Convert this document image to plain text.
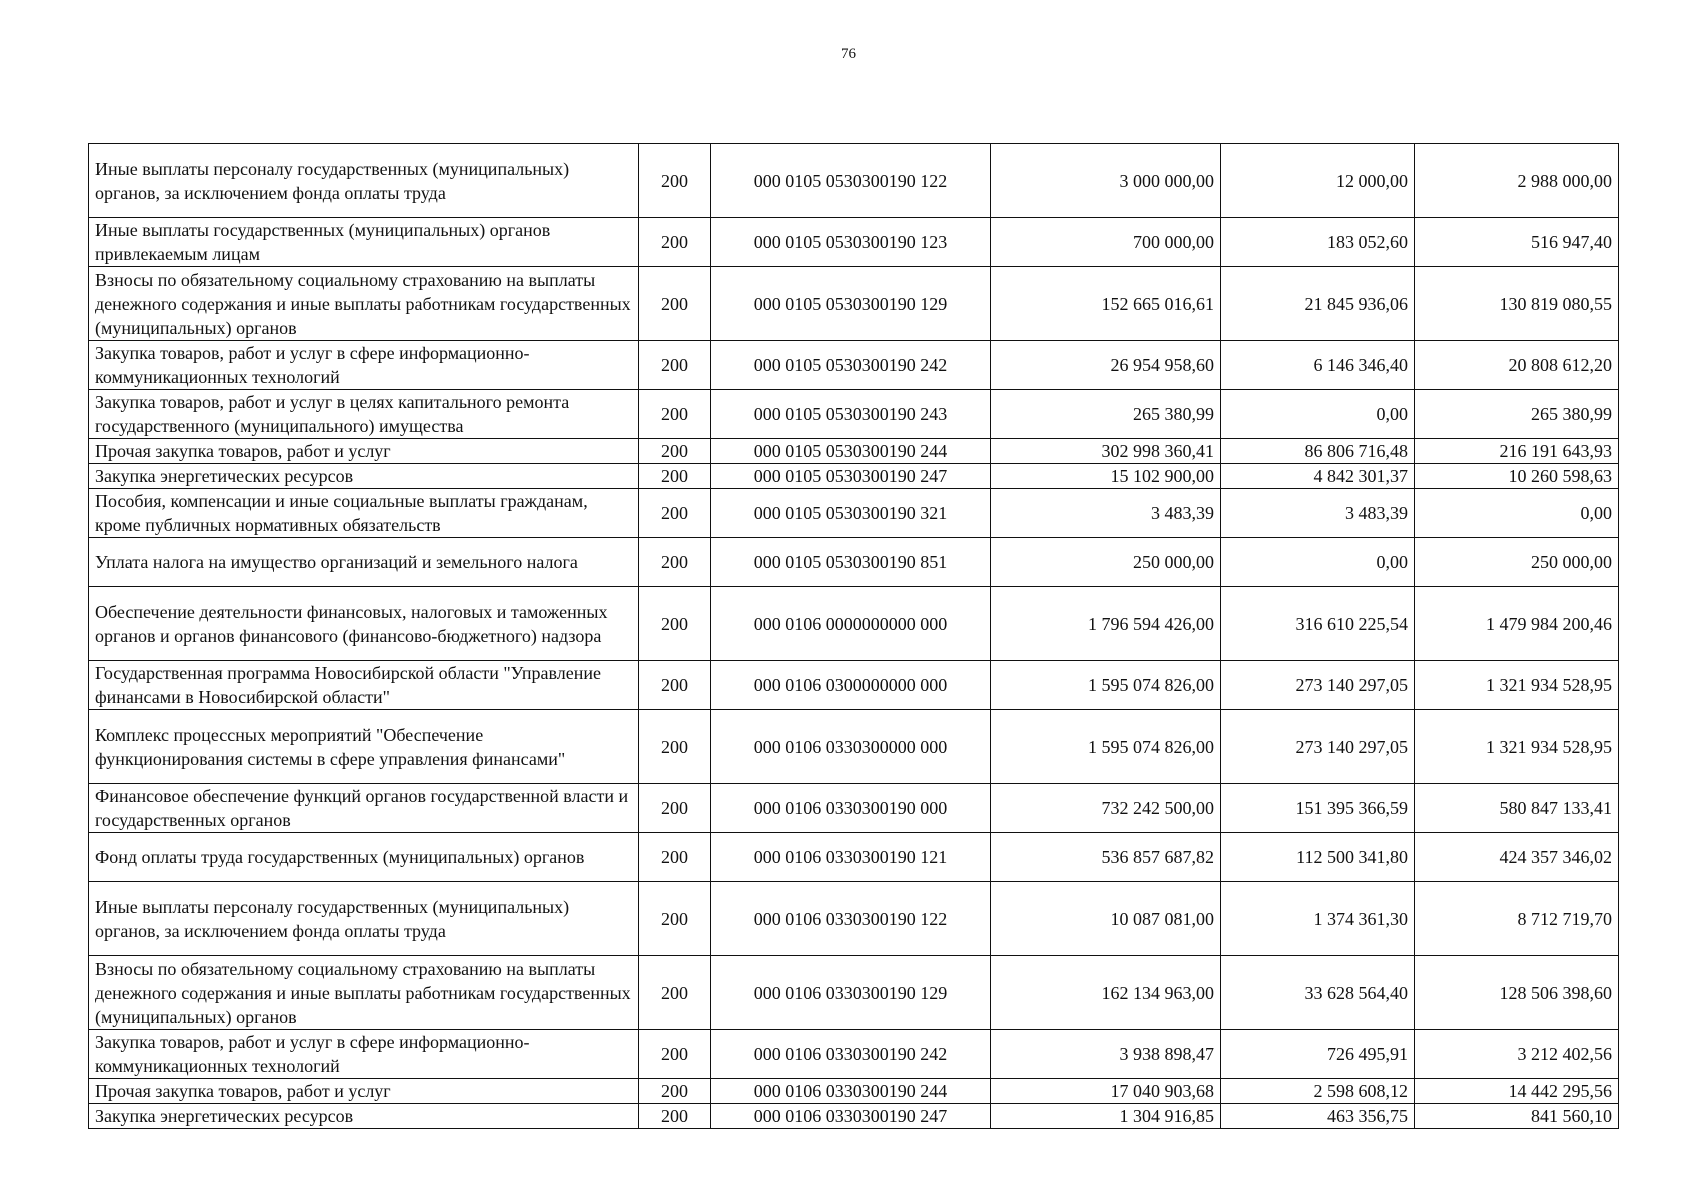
76
Иные выплаты персоналу государственных (муниципальных) органов, за исключением фонда оплаты труда	200	000 0105 0530300190 122	3 000 000,00	12 000,00	2 988 000,00
Иные выплаты государственных (муниципальных) органов привлекаемым лицам	200	000 0105 0530300190 123	700 000,00	183 052,60	516 947,40
Взносы по обязательному социальному страхованию на выплаты денежного содержания и иные выплаты работникам государственных (муниципальных) органов	200	000 0105 0530300190 129	152 665 016,61	21 845 936,06	130 819 080,55
Закупка товаров, работ и услуг в сфере информационно-коммуникационных технологий	200	000 0105 0530300190 242	26 954 958,60	6 146 346,40	20 808 612,20
Закупка товаров, работ и услуг в целях капитального ремонта государственного (муниципального) имущества	200	000 0105 0530300190 243	265 380,99	0,00	265 380,99
Прочая закупка товаров, работ и услуг	200	000 0105 0530300190 244	302 998 360,41	86 806 716,48	216 191 643,93
Закупка энергетических ресурсов	200	000 0105 0530300190 247	15 102 900,00	4 842 301,37	10 260 598,63
Пособия, компенсации и иные социальные выплаты гражданам, кроме публичных нормативных обязательств	200	000 0105 0530300190 321	3 483,39	3 483,39	0,00
Уплата налога на имущество организаций и земельного налога	200	000 0105 0530300190 851	250 000,00	0,00	250 000,00
Обеспечение деятельности финансовых, налоговых и таможенных органов и органов финансового (финансово-бюджетного) надзора	200	000 0106 0000000000 000	1 796 594 426,00	316 610 225,54	1 479 984 200,46
Государственная программа Новосибирской области "Управление финансами в Новосибирской области"	200	000 0106 0300000000 000	1 595 074 826,00	273 140 297,05	1 321 934 528,95
Комплекс процессных мероприятий "Обеспечение функционирования системы в сфере управления финансами"	200	000 0106 0330300000 000	1 595 074 826,00	273 140 297,05	1 321 934 528,95
Финансовое обеспечение функций органов государственной власти и государственных органов	200	000 0106 0330300190 000	732 242 500,00	151 395 366,59	580 847 133,41
Фонд оплаты труда государственных (муниципальных) органов	200	000 0106 0330300190 121	536 857 687,82	112 500 341,80	424 357 346,02
Иные выплаты персоналу государственных (муниципальных) органов, за исключением фонда оплаты труда	200	000 0106 0330300190 122	10 087 081,00	1 374 361,30	8 712 719,70
Взносы по обязательному социальному страхованию на выплаты денежного содержания и иные выплаты работникам государственных (муниципальных) органов	200	000 0106 0330300190 129	162 134 963,00	33 628 564,40	128 506 398,60
Закупка товаров, работ и услуг в сфере информационно-коммуникационных технологий	200	000 0106 0330300190 242	3 938 898,47	726 495,91	3 212 402,56
Прочая закупка товаров, работ и услуг	200	000 0106 0330300190 244	17 040 903,68	2 598 608,12	14 442 295,56
Закупка энергетических ресурсов	200	000 0106 0330300190 247	1 304 916,85	463 356,75	841 560,10
